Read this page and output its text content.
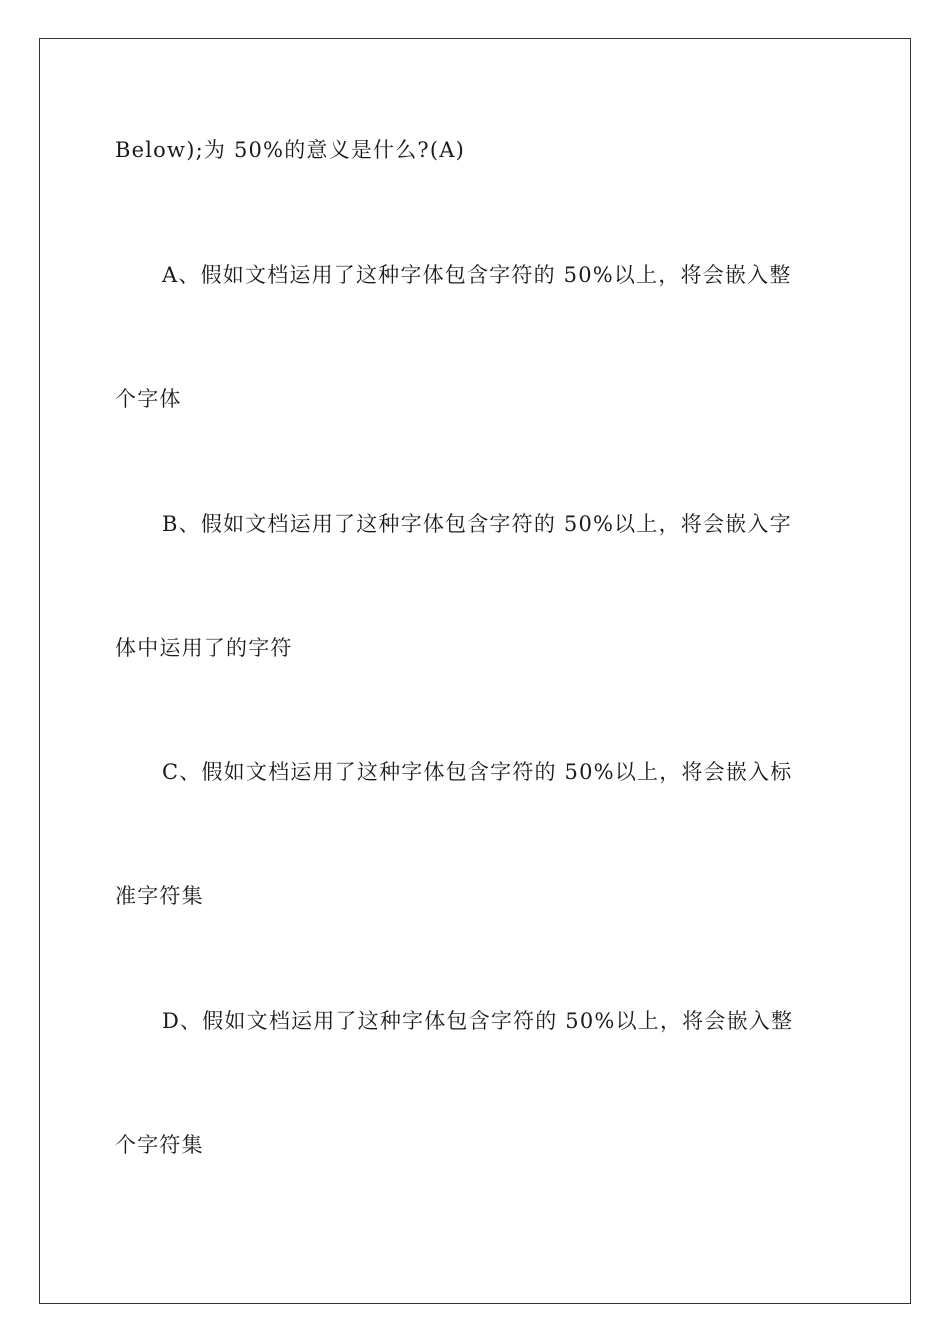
Below);为 50%的意义是什么?(A)
A、假如文档运用了这种字体包含字符的 50%以上，将会嵌入整
个字体
B、假如文档运用了这种字体包含字符的 50%以上，将会嵌入字
体中运用了的字符
C、假如文档运用了这种字体包含字符的 50%以上，将会嵌入标
准字符集
D、假如文档运用了这种字体包含字符的 50%以上，将会嵌入整
个字符集
